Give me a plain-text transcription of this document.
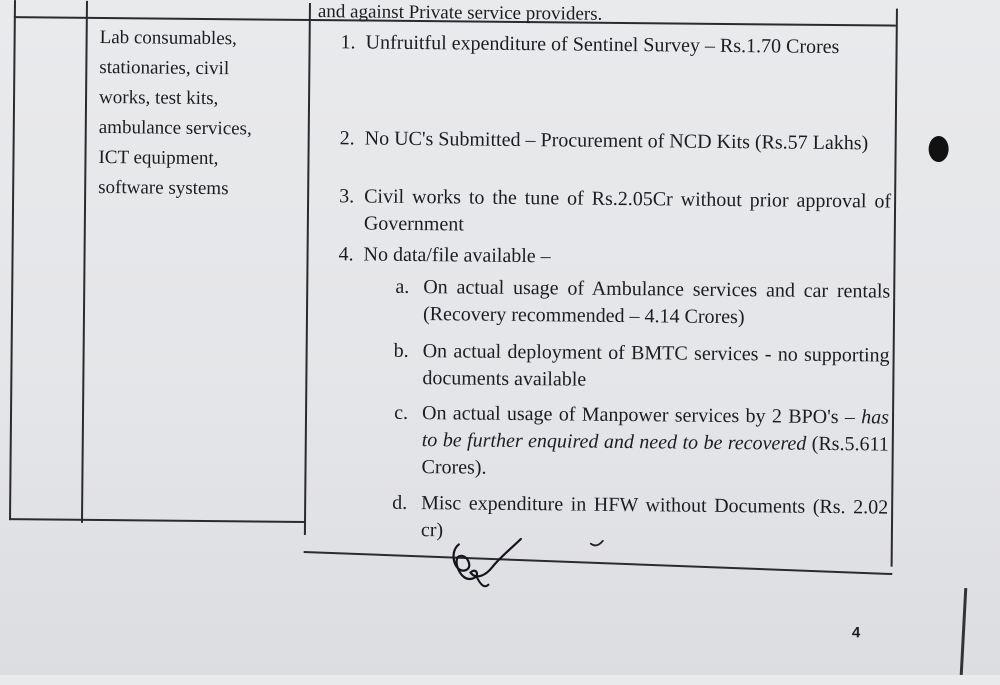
and against Private service providers.
Lab consumables,
stationaries, civil
works, test kits,
ambulance services,
ICT equipment,
software systems
1. Unfruitful expenditure of Sentinel Survey – Rs.1.70 Crores
2. No UC's Submitted – Procurement of NCD Kits (Rs.57 Lakhs)
3. Civil works to the tune of Rs.2.05Cr without prior approval of Government
4. No data/file available –
a. On actual usage of Ambulance services and car rentals (Recovery recommended – 4.14 Crores)
b. On actual deployment of BMTC services - no supporting documents available
c. On actual usage of Manpower services by 2 BPO's – has to be further enquired and need to be recovered (Rs.5.611 Crores).
d. Misc expenditure in HFW without Documents (Rs. 2.02 cr)
4
